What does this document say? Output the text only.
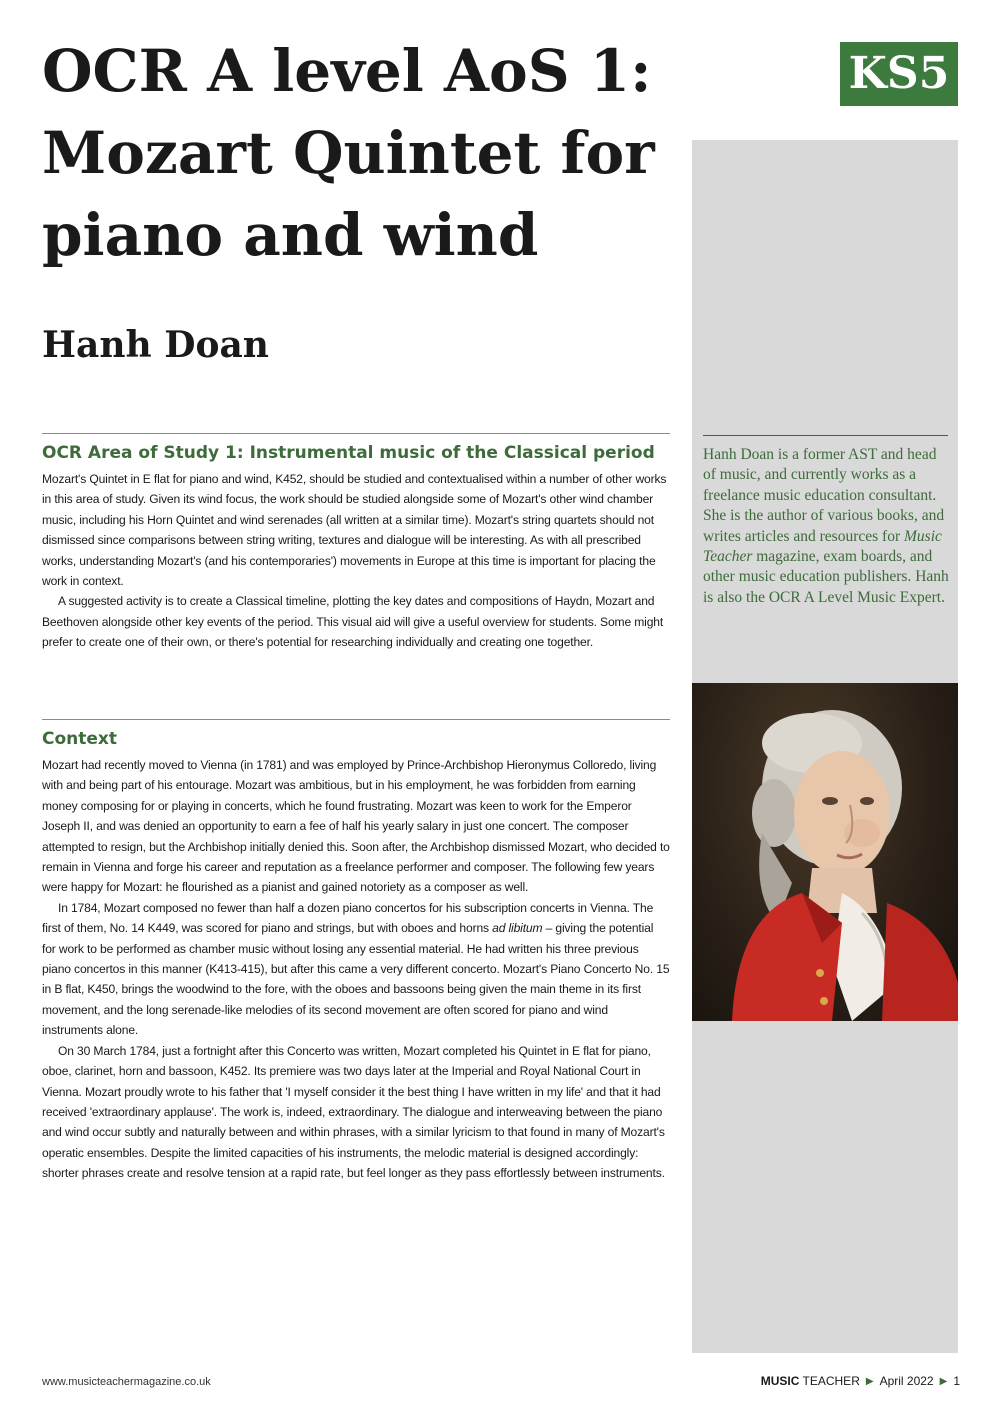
OCR A level AoS 1:
Mozart Quintet for
piano and wind
Hanh Doan
KS5

Hanh Doan is a former AST and head of music, and currently works as a freelance music education consultant. She is the author of various books, and writes articles and resources for Music Teacher magazine, exam boards, and other music education publishers. Hanh is also the OCR A Level Music Expert.

OCR Area of Study 1: Instrumental music of the Classical period

Mozart's Quintet in E flat for piano and wind, K452, should be studied and contextualised within a number of other works in this area of study. Given its wind focus, the work should be studied alongside some of Mozart's other wind chamber music, including his Horn Quintet and wind serenades (all written at a similar time). Mozart's string quartets should not dismissed since comparisons between string writing, textures and dialogue will be interesting. As with all prescribed works, understanding Mozart's (and his contemporaries') movements in Europe at this time is important for placing the work in context.

A suggested activity is to create a Classical timeline, plotting the key dates and compositions of Haydn, Mozart and Beethoven alongside other key events of the period. This visual aid will give a useful overview for students. Some might prefer to create one of their own, or there's potential for researching individually and creating one together.

Context

Mozart had recently moved to Vienna (in 1781) and was employed by Prince-Archbishop Hieronymus Colloredo, living with and being part of his entourage. Mozart was ambitious, but in his employment, he was forbidden from earning money composing for or playing in concerts, which he found frustrating. Mozart was keen to work for the Emperor Joseph II, and was denied an opportunity to earn a fee of half his yearly salary in just one concert. The composer attempted to resign, but the Archbishop initially denied this. Soon after, the Archbishop dismissed Mozart, who decided to remain in Vienna and forge his career and reputation as a freelance performer and composer. The following few years were happy for Mozart: he flourished as a pianist and gained notoriety as a composer as well.

In 1784, Mozart composed no fewer than half a dozen piano concertos for his subscription concerts in Vienna. The first of them, No. 14 K449, was scored for piano and strings, but with oboes and horns ad libitum – giving the potential for work to be performed as chamber music without losing any essential material. He had written his three previous piano concertos in this manner (K413-415), but after this came a very different concerto. Mozart's Piano Concerto No. 15 in B flat, K450, brings the woodwind to the fore, with the oboes and bassoons being given the main theme in its first movement, and the long serenade-like melodies of its second movement are often scored for piano and wind instruments alone.

On 30 March 1784, just a fortnight after this Concerto was written, Mozart completed his Quintet in E flat for piano, oboe, clarinet, horn and bassoon, K452. Its premiere was two days later at the Imperial and Royal National Court in Vienna. Mozart proudly wrote to his father that 'I myself consider it the best thing I have written in my life' and that it had received 'extraordinary applause'. The work is, indeed, extraordinary. The dialogue and interweaving between the piano and wind occur subtly and naturally between and within phrases, with a similar lyricism to that found in many of Mozart's operatic ensembles. Despite the limited capacities of his instruments, the melodic material is designed accordingly: shorter phrases create and resolve tension at a rapid rate, but feel longer as they pass effortlessly between instruments.

www.musicteachermagazine.co.uk	MUSIC TEACHER ▶ April 2022 ▶ 1
